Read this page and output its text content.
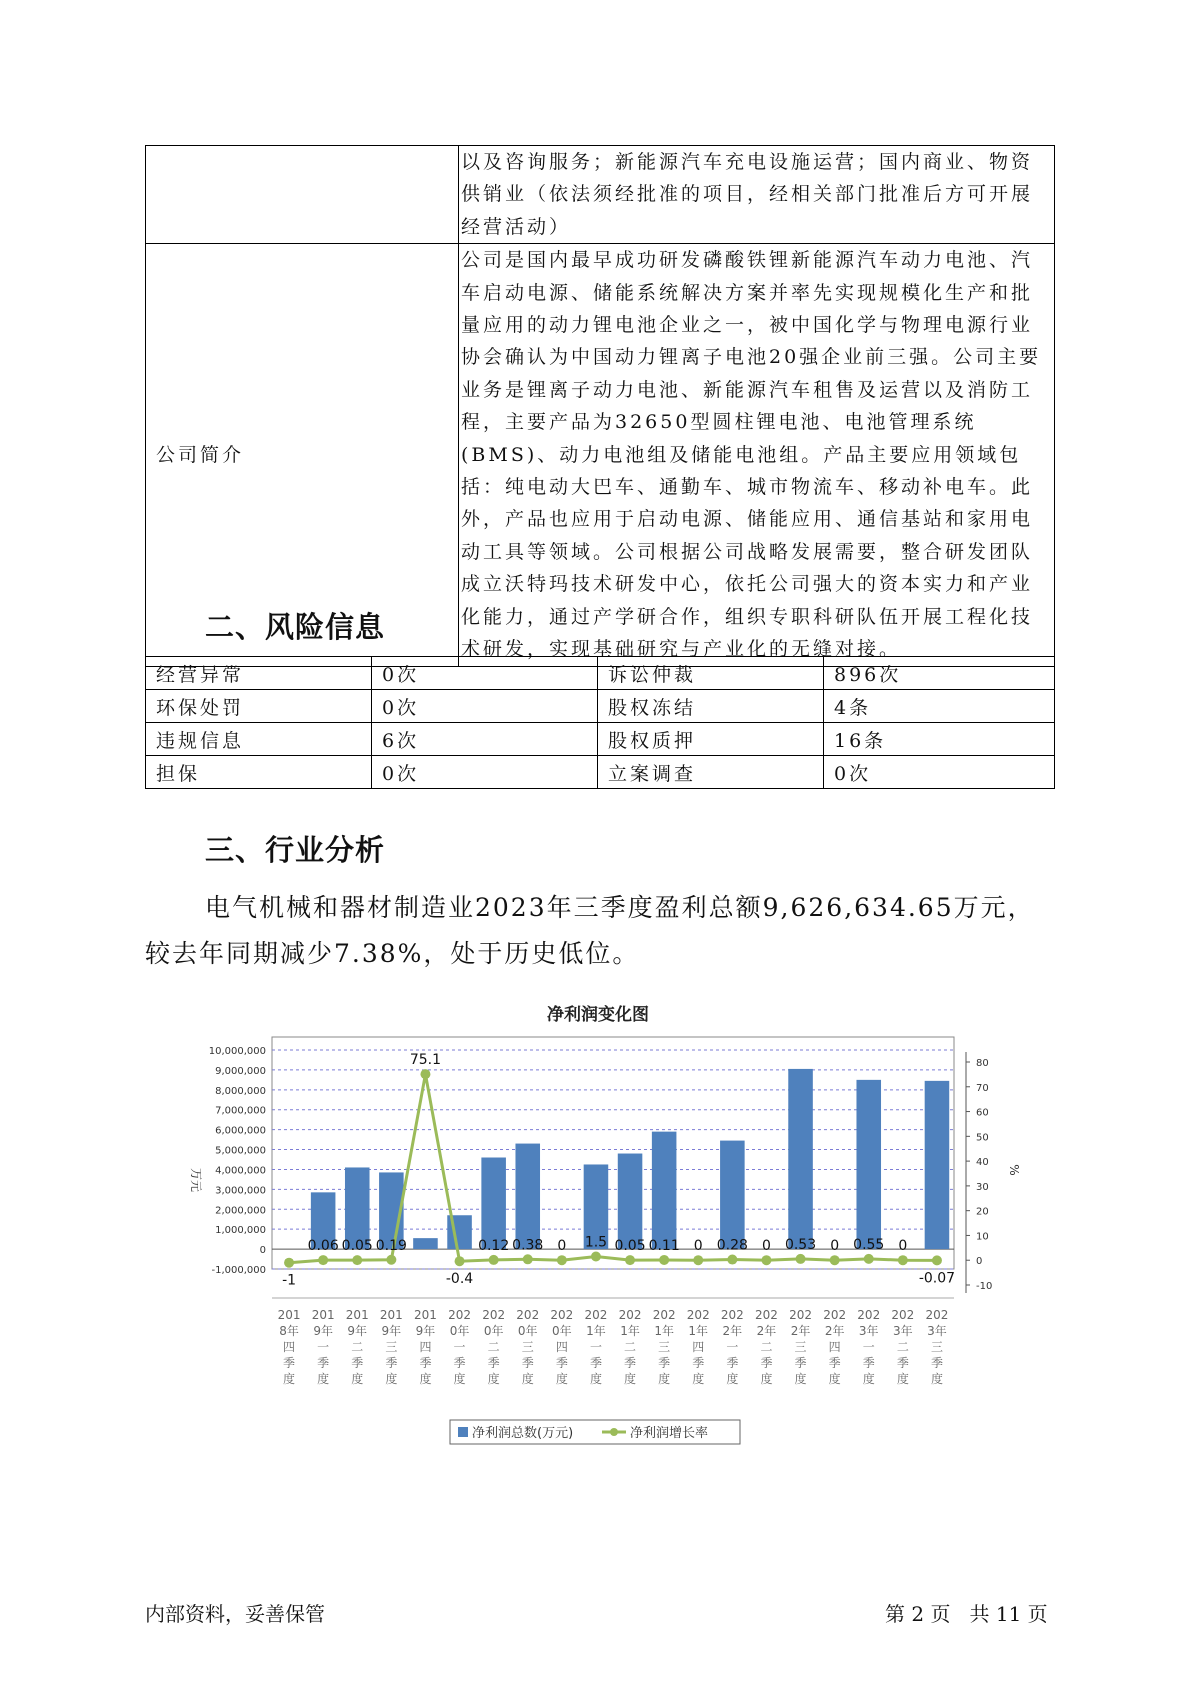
	以及咨询服务；新能源汽车充电设施运营；国内商业、物资供销业（依法须经批准的项目，经相关部门批准后方可开展经营活动）
公司简介	公司是国内最早成功研发磷酸铁锂新能源汽车动力电池、汽车启动电源、储能系统解决方案并率先实现规模化生产和批量应用的动力锂电池企业之一，被中国化学与物理电源行业协会确认为中国动力锂离子电池20强企业前三强。公司主要业务是锂离子动力电池、新能源汽车租售及运营以及消防工程，主要产品为32650型圆柱锂电池、电池管理系统(BMS)、动力电池组及储能电池组。产品主要应用领域包括：纯电动大巴车、通勤车、城市物流车、移动补电车。此外，产品也应用于启动电源、储能应用、通信基站和家用电动工具等领域。公司根据公司战略发展需要，整合研发团队成立沃特玛技术研发中心，依托公司强大的资本实力和产业化能力，通过产学研合作，组织专职科研队伍开展工程化技术研发，实现基础研究与产业化的无缝对接。
二、风险信息
经营异常	0次	诉讼仲裁	896次
环保处罚	0次	股权冻结	4条
违规信息	6次	股权质押	16条
担保	0次	立案调查	0次
三、行业分析
电气机械和器材制造业2023年三季度盈利总额9,626,634.65万元，较去年同期减少7.38%，处于历史低位。
净利润变化图
10,000,000
9,000,000
8,000,000
7,000,000
6,000,000
5,000,000
4,000,000
3,000,000
2,000,000
1,000,000
0
-1,000,000
80
70
60
50
40
30
20
10
0
-10
-1
0.06 0.05 0.19
75.1
-0.4
0.12 0.38 0 1.5 0.05 0.11 0 0.28 0 0.53 0 0.55 0
-0.07
201 8年四季度
201 9年一季度
201 9年二季度
201 9年三季度
201 9年四季度
202 0年一季度
202 0年二季度
202 0年三季度
202 0年四季度
202 1年一季度
202 1年二季度
202 1年三季度
202 1年四季度
202 2年一季度
202 2年二季度
202 2年三季度
202 2年四季度
202 3年一季度
202 3年二季度
202 3年三季度
万元	%
净利润总数(万元)	净利润增长率
内部资料，妥善保管	第 2 页   共 11 页
